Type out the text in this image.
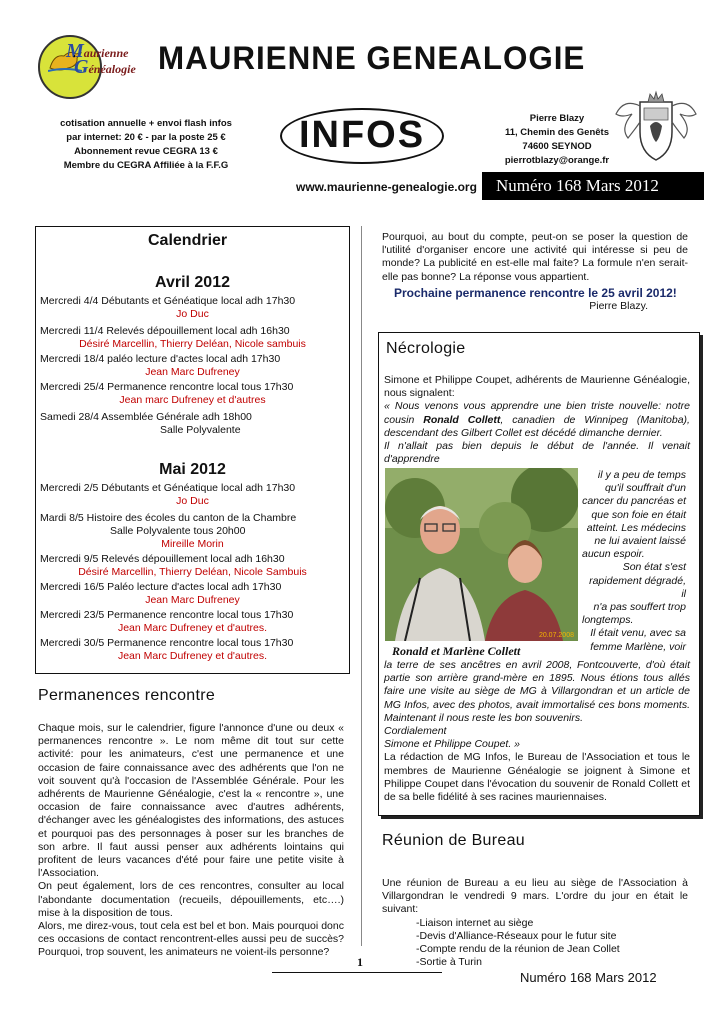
Maurienne
Généalogie MAURIENNE GENEALOGIE
cotisation annuelle + envoi flash infos
par internet: 20 € - par la poste 25 €
Abonnement revue CEGRA 13 €
Membre du CEGRA Affiliée à la F.F.G
INFOS	Pierre Blazy
11, Chemin des Genêts
74600 SEYNOD
pierrotblazy@orange.fr
www.maurienne-genealogie.org	Numéro 168 Mars 2012
Calendrier
Avril 2012
Mercredi 4/4 Débutants et Généatique local adh 17h30
Jo Duc
Mercredi 11/4 Relevés dépouillement local adh 16h30
Désiré Marcellin, Thierry Deléan, Nicole sambuis
Mercredi 18/4 paléo lecture d'actes local adh 17h30
Jean Marc Dufreney
Mercredi 25/4 Permanence rencontre local tous 17h30
Jean marc Dufreney et d'autres
Samedi 28/4 Assemblée Générale adh 18h00
Salle Polyvalente
Mai 2012
Mercredi 2/5 Débutants et Généatique local adh 17h30
Jo Duc
Mardi 8/5 Histoire des écoles du canton de la Chambre
Salle Polyvalente tous 20h00
Mireille Morin
Mercredi 9/5 Relevés dépouillement local adh 16h30
Désiré Marcellin, Thierry Deléan, Nicole Sambuis
Mercredi 16/5 Paléo lecture d'actes local adh 17h30
Jean Marc Dufreney
Mercredi 23/5 Permanence rencontre local tous 17h30
Jean Marc Dufreney et d'autres.
Mercredi 30/5 Permanence rencontre local tous 17h30
Jean Marc Dufreney et d'autres.
Permanences rencontre
Chaque mois, sur le calendrier, figure l'annonce d'une ou deux « permanences rencontre ». Le nom même dit tout sur cette activité: pour les animateurs, c'est une permanence et une occasion de faire connaissance avec des adhérents que l'on ne voit souvent qu'à l'occasion de l'Assemblée Générale. Pour les adhérents de Maurienne Généalogie, c'est la « rencontre », une occasion de faire connaissance avec d'autres adhérents, d'échanger avec les généalogistes des informations, des astuces et pourquoi pas des personnages à poser sur les branches de son arbre. Il faut aussi penser aux adhérents lointains qui profitent de leurs vacances d'été pour faire une petite visite à l'Association.
On peut également, lors de ces rencontres, consulter au local l'abondante documentation (recueils, dépouillements, etc….) mise à la disposition de tous.
Alors, me direz-vous, tout cela est bel et bon. Mais pourquoi donc ces occasions de contact rencontrent-elles aussi peu de succès? Pourquoi, trop souvent, les animateurs ne voient-ils personne?
Pourquoi, au bout du compte, peut-on se poser la question de l'utilité d'organiser encore une activité qui intéresse si peu de monde? La publicité en est-elle mal faite? La formule n'en serait-elle pas bonne? La réponse vous appartient.
Prochaine permanence rencontre le 25 avril 2012!
Pierre Blazy.
Nécrologie
Simone et Philippe Coupet, adhérents de Maurienne Généalogie, nous signalent:
« Nous venons vous apprendre une bien triste nouvelle: notre cousin Ronald Collett, canadien de Winnipeg (Manitoba), descendant des Gilbert Collet est décédé dimanche dernier.
Il n'allait pas bien depuis le début de l'année. Il venait d'apprendre
20.07.2008
il y a peu de temps
qu'il souffrait d'un
cancer du pancréas et
que son foie en était
atteint. Les médecins
ne lui avaient laissé
aucun espoir.
Son état s'est
rapidement dégradé, il
n'a pas souffert trop
longtemps.
Il était venu, avec sa
femme Marlène, voir
Ronald et Marlène Collett
la terre de ses ancêtres en avril 2008, Fontcouverte, d'où était partie son arrière grand-mère en 1895. Nous étions tous allés faire une visite au siège de MG à Villargondran et un article de MG Infos, avec des photos, avait immortalisé ces bons moments. Maintenant il nous reste les bon souvenirs.
Cordialement
Simone et Philippe Coupet. »
La rédaction de MG Infos, le Bureau de l'Association et tous le membres de Maurienne Généalogie se joignent à Simone et Philippe Coupet dans l'évocation du souvenir de Ronald Collett et de sa belle fidélité à ses racines mauriennaises.
Réunion de Bureau
Une réunion de Bureau a eu lieu au siège de l'Association à Villargondran le vendredi 9 mars. L'ordre du jour en était le suivant:
-Liaison internet au siège
-Devis d'Alliance-Réseaux pour le futur site
-Compte rendu de la réunion de Jean Collet
-Sortie à Turin
1
Numéro 168 Mars 2012
